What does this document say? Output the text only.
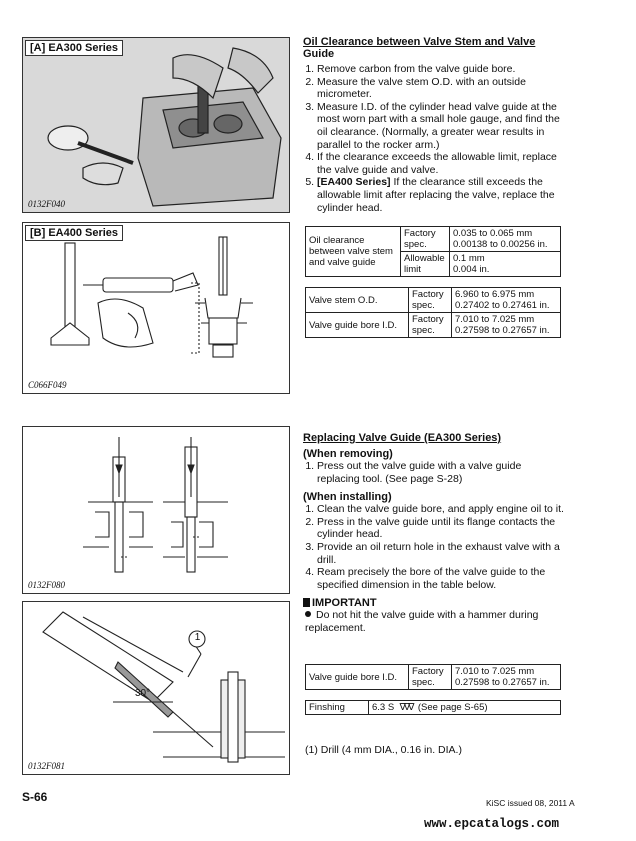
[A] EA300 Series
0132F040
[B] EA400 Series
C066F049
0132F080
1
30°
0132F081
Oil Clearance between Valve Stem and Valve
Guide
1. Remove carbon from the valve guide bore.
2. Measure the valve stem O.D. with an outside micrometer.
3. Measure I.D. of the cylinder head valve guide at the most worn part with a small hole gauge, and find the oil clearance. (Normally, a greater wear results in parallel to the rocker arm.)
4. If the clearance exceeds the allowable limit, replace the valve guide and valve.
5. [EA400 Series] If the clearance still exceeds the allowable limit after replacing the valve, replace the cylinder head.
Oil clearance between valve stem and valve guide	Factory spec.	0.035 to 0.065 mm
0.00138 to 0.00256 in.

	Allowable limit	0.1 mm
0.004 in.
Valve stem O.D.	Factory spec.	6.960 to 6.975 mm
0.27402 to 0.27461 in.

Valve guide bore I.D.	Factory spec.	7.010 to 7.025 mm
0.27598 to 0.27657 in.
Replacing Valve Guide (EA300 Series)
(When removing)
1. Press out the valve guide with a valve guide replacing tool. (See page S-28)
(When installing)
1. Clean the valve guide bore, and apply engine oil to it.
2. Press in the valve guide until its flange contacts the cylinder head.
3. Provide an oil return hole in the exhaust valve with a drill.
4. Ream precisely the bore of the valve guide to the specified dimension in the table below.
IMPORTANT
Do not hit the valve guide with a hammer during replacement.
Valve guide bore I.D.	Factory spec.	
7.010 to 7.025 mm
0.27598 to 0.27657 in.
Finshing	6.3 S ∇∇∇ (See page S-65)
(1) Drill (4 mm DIA., 0.16 in. DIA.)
S-66	KiSC issued 08, 2011 A
www.epcatalogs.com
